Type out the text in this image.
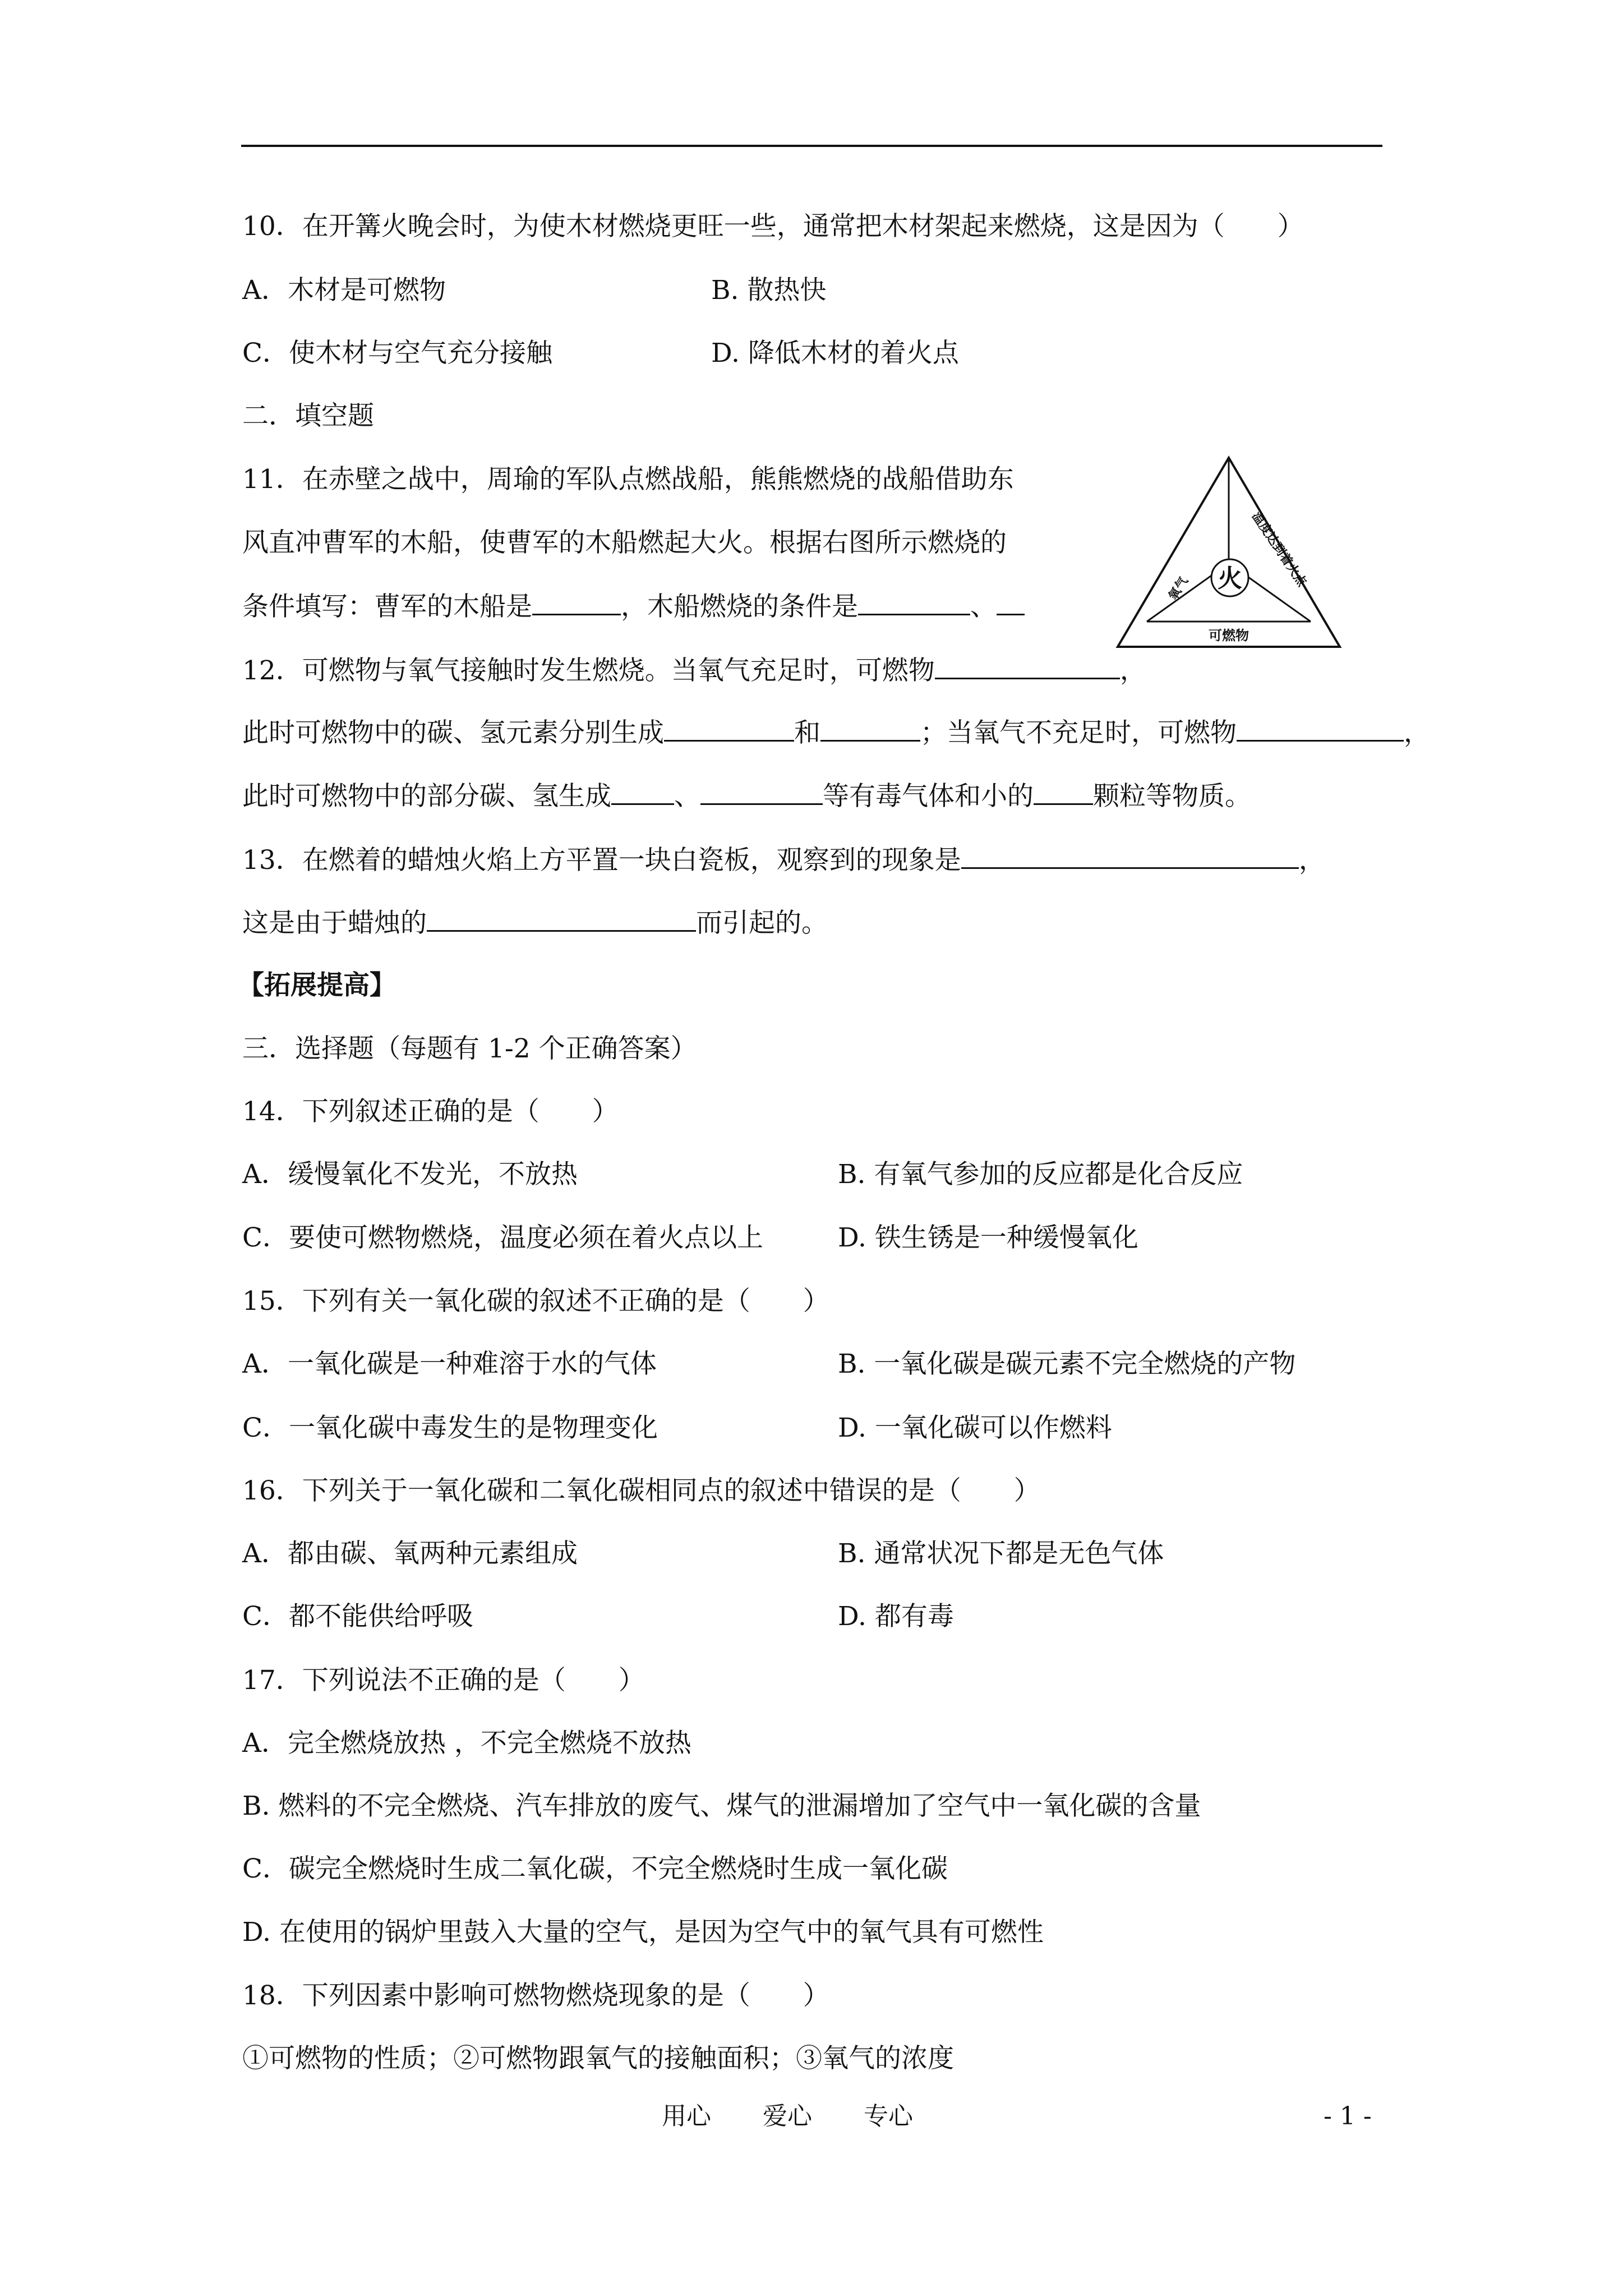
10．在开篝火晚会时，为使木材燃烧更旺一些，通常把木材架起来燃烧，这是因为（　　）
A．木材是可燃物	B. 散热快
C．使木材与空气充分接触	D. 降低木材的着火点
二．填空题
11．在赤壁之战中，周瑜的军队点燃战船，熊熊燃烧的战船借助东
风直冲曹军的木船，使曹军的木船燃起大火。根据右图所示燃烧的
条件填写：曹军的木船是	，木船燃烧的条件是	、
火
氧气	温度达到着火点
可燃物
12．可燃物与氧气接触时发生燃烧。当氧气充足时，可燃物	，
此时可燃物中的碳、氢元素分别生成	和	；当氧气不充足时，可燃物	，
此时可燃物中的部分碳、氢生成 、	等有毒气体和小的 颗粒等物质。
13．在燃着的蜡烛火焰上方平置一块白瓷板，观察到的现象是	，
这是由于蜡烛的	而引起的。
【拓展提高】
三．选择题（每题有 1-2 个正确答案）
14．下列叙述正确的是（　　）
A．缓慢氧化不发光，不放热	B. 有氧气参加的反应都是化合反应
C．要使可燃物燃烧，温度必须在着火点以上	D. 铁生锈是一种缓慢氧化
15．下列有关一氧化碳的叙述不正确的是（　　）
A．一氧化碳是一种难溶于水的气体	B. 一氧化碳是碳元素不完全燃烧的产物
C．一氧化碳中毒发生的是物理变化	D. 一氧化碳可以作燃料
16．下列关于一氧化碳和二氧化碳相同点的叙述中错误的是（　　）
A．都由碳、氧两种元素组成	B. 通常状况下都是无色气体
C．都不能供给呼吸	D. 都有毒
17．下列说法不正确的是（　　）
A．完全燃烧放热 ，不完全燃烧不放热
B. 燃料的不完全燃烧、汽车排放的废气、煤气的泄漏增加了空气中一氧化碳的含量
C．碳完全燃烧时生成二氧化碳，不完全燃烧时生成一氧化碳
D. 在使用的锅炉里鼓入大量的空气，是因为空气中的氧气具有可燃性
18．下列因素中影响可燃物燃烧现象的是（　　）
①可燃物的性质；②可燃物跟氧气的接触面积；③氧气的浓度
用心 爱心 专心	- 1 -
